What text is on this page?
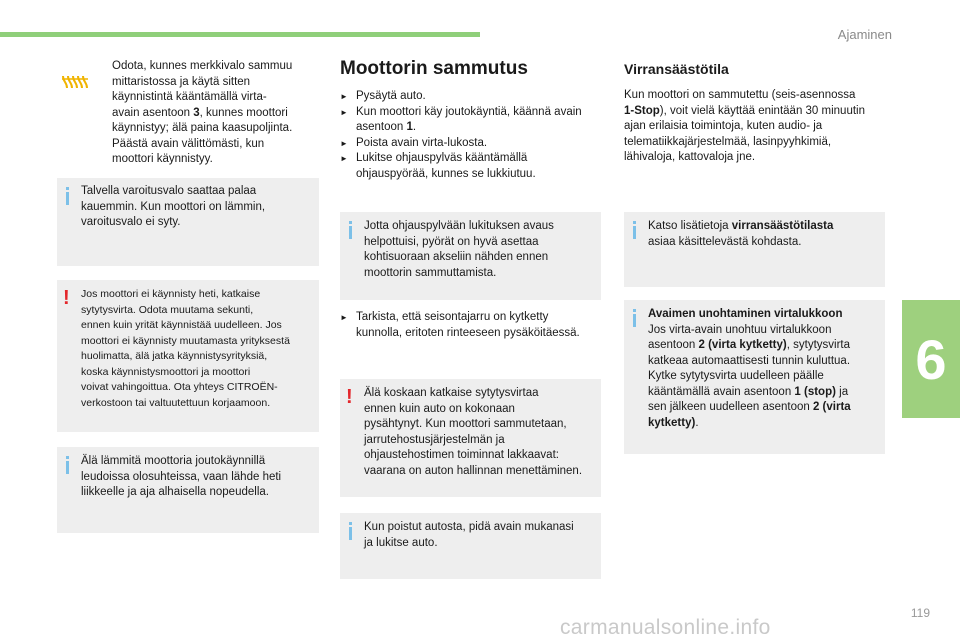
Ajaminen
6
119
carmanualsonline.info
Odota, kunnes merkkivalo sammuu
mittaristossa ja käytä sitten
käynnistintä kääntämällä virta-
avain asentoon 3, kunnes moottori
käynnistyy; älä paina kaasupoljinta.
Päästä avain välittömästi, kun
moottori käynnistyy.
Talvella varoitusvalo saattaa palaa
kauemmin. Kun moottori on lämmin,
varoitusvalo ei syty.
! Jos moottori ei käynnisty heti, katkaise
sytytysvirta. Odota muutama sekunti,
ennen kuin yrität käynnistää uudelleen. Jos
moottori ei käynnisty muutamasta yrityksestä
huolimatta, älä jatka käynnistysyrityksiä,
koska käynnistysmoottori ja moottori
voivat vahingoittua. Ota yhteys CITROËN-
verkostoon tai valtuutettuun korjaamoon.
Älä lämmitä moottoria joutokäynnillä
leudoissa olosuhteissa, vaan lähde heti
liikkeelle ja aja alhaisella nopeudella.
Moottorin sammutus
► Pysäytä auto.
► Kun moottori käy joutokäyntiä, käännä avain
asentoon 1.
► Poista avain virta-lukosta.
► Lukitse ohjauspylväs kääntämällä
ohjauspyörää, kunnes se lukkiutuu.
Jotta ohjauspylvään lukituksen avaus
helpottuisi, pyörät on hyvä asettaa
kohtisuoraan akseliin nähden ennen
moottorin sammuttamista.
► Tarkista, että seisontajarru on kytketty
kunnolla, eritoten rinteeseen pysäköitäessä.
! Älä koskaan katkaise sytytysvirtaa
ennen kuin auto on kokonaan
pysähtynyt. Kun moottori sammutetaan,
jarrutehostusjärjestelmän ja
ohjaustehostimen toiminnat lakkaavat:
vaarana on auton hallinnan menettäminen.
Kun poistut autosta, pidä avain mukanasi
ja lukitse auto.
Virransäästötila
Kun moottori on sammutettu (seis-asennossa
1-Stop), voit vielä käyttää enintään 30 minuutin
ajan erilaisia toimintoja, kuten audio- ja
telematiikkajärjestelmää, lasinpyyhkimiä,
lähivaloja, kattovaloja jne.
Katso lisätietoja virransäästötilasta
asiaa käsittelevästä kohdasta.
Avaimen unohtaminen virtalukkoon
Jos virta-avain unohtuu virtalukkoon
asentoon 2 (virta kytketty), sytytysvirta
katkeaa automaattisesti tunnin kuluttua.
Kytke sytytysvirta uudelleen päälle
kääntämällä avain asentoon 1 (stop) ja
sen jälkeen uudelleen asentoon 2 (virta
kytketty).
